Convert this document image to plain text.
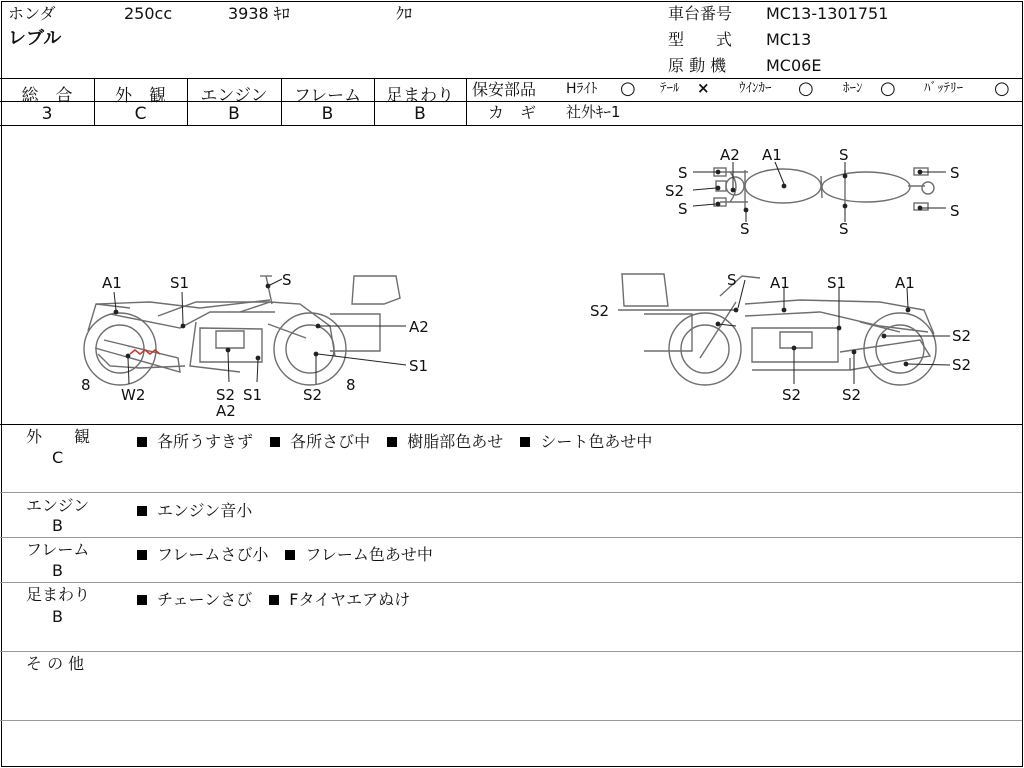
ホンダ	250cc	3938 ｷﾛ	ｸﾛ
レブル
車台番号 MC13-1301751
型　　式 MC13
原 動 機 MC06E
総　合	外　観	エンジン	フレーム	足まわり
3	C	B	B	B
保安部品 Hﾗｲﾄ ○ ﾃｰﾙ × ｳｲﾝｶｰ ○ ﾎｰﾝ ○ ﾊﾞｯﾃﾘｰ ○
カ　ギ 社外ｷｰ1
A2 A1	S
S
S2
S
S	S
S
S
A1	S1	S
A2
S1
8
W2	S2 S1	S2
8
A2
S A1 S1	A1
S2
S2
S2
S2	S2
外　　観
C
各所うすきず 各所さび中 樹脂部色あせ シート色あせ中
エンジン
B
エンジン音小
フレーム
B
フレームさび小 フレーム色あせ中
足まわり
B
チェーンさび Fタイヤエアぬけ
そ の 他
